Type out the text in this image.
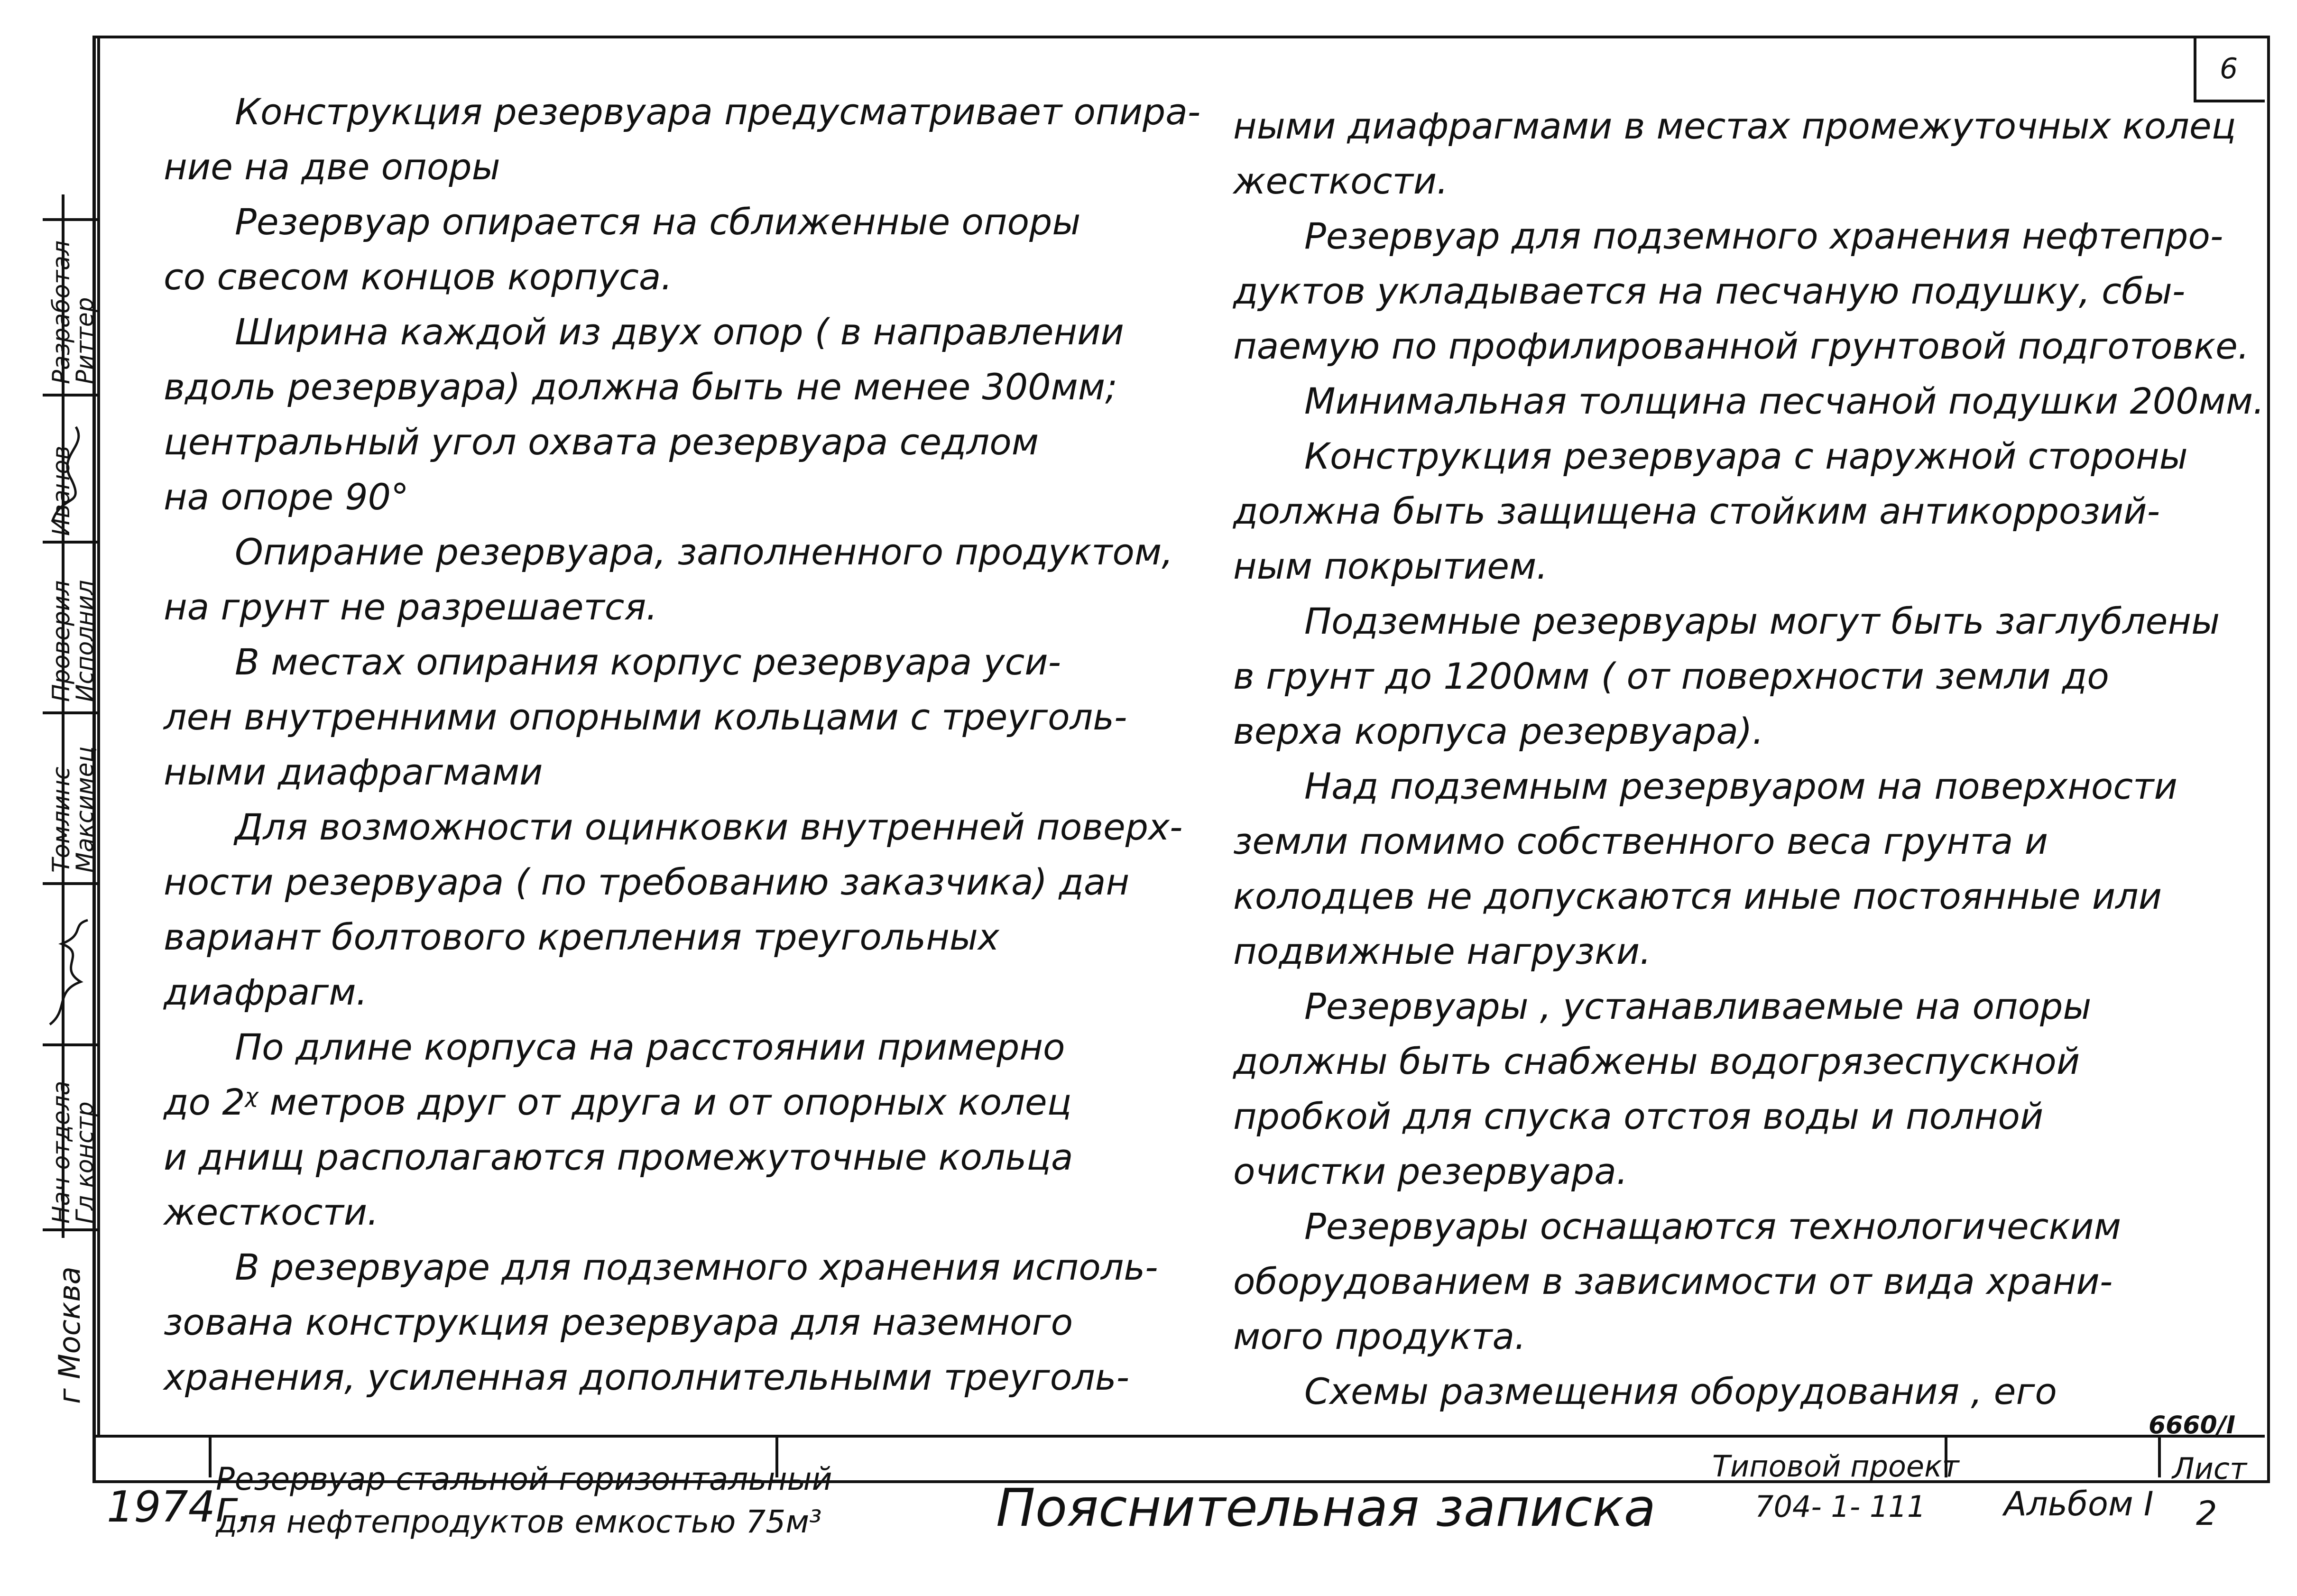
Нач отдела
Гл констр
Проверил
Исполнил
Разработал
Томлинс
Максимец
Иванов
Риттер
г Москва
6
Конструкция резервуара предусматривает опира-
ние на две опоры
Резервуар опирается на сближенные опоры
со свесом концов корпуса.
Ширина каждой из двух опор ( в направлении
вдоль резервуара) должна быть не менее 300мм;
центральный угол охвата резервуара седлом
на опоре 90°
Опирание резервуара, заполненного продуктом,
на грунт не разрешается.
В местах опирания корпус резервуара уси-
лен внутренними опорными кольцами с треуголь-
ными диафрагмами
Для возможности оцинковки внутренней поверх-
ности резервуара ( по требованию заказчика) дан
вариант болтового крепления треугольных
диафрагм.
По длине корпуса на расстоянии примерно
до 2ᵡ метров друг от друга и от опорных колец
и днищ располагаются промежуточные кольца
жесткости.
В резервуаре для подземного хранения исполь-
зована конструкция резервуара для наземного
хранения, усиленная дополнительными треуголь-
ными диафрагмами в местах промежуточных колец
жесткости.
Резервуар для подземного хранения нефтепро-
дуктов укладывается на песчаную подушку, сбы-
паемую по профилированной грунтовой подготовке.
Минимальная толщина песчаной подушки 200мм.
Конструкция резервуара с наружной стороны
должна быть защищена стойким антикоррозий-
ным покрытием.
Подземные резервуары могут быть заглублены
в грунт до 1200мм ( от поверхности земли до
верха корпуса резервуара).
Над подземным резервуаром на поверхности
земли помимо собственного веса грунта и
колодцев не допускаются иные постоянные или
подвижные нагрузки.
Резервуары , устанавливаемые на опоры
должны быть снабжены водогрязеспускной
пробкой для спуска отстоя воды и полной
очистки резервуара.
Резервуары оснащаются технологическим
оборудованием в зависимости от вида храни-
мого продукта.
Схемы размещения оборудования , его
1974г.
Резервуар стальной горизонтальный
для нефтепродуктов емкостью 75м³	Пояснительная записка
Типовой проект
704- 1- 111 Альбом I
Лист
2
6660/I
